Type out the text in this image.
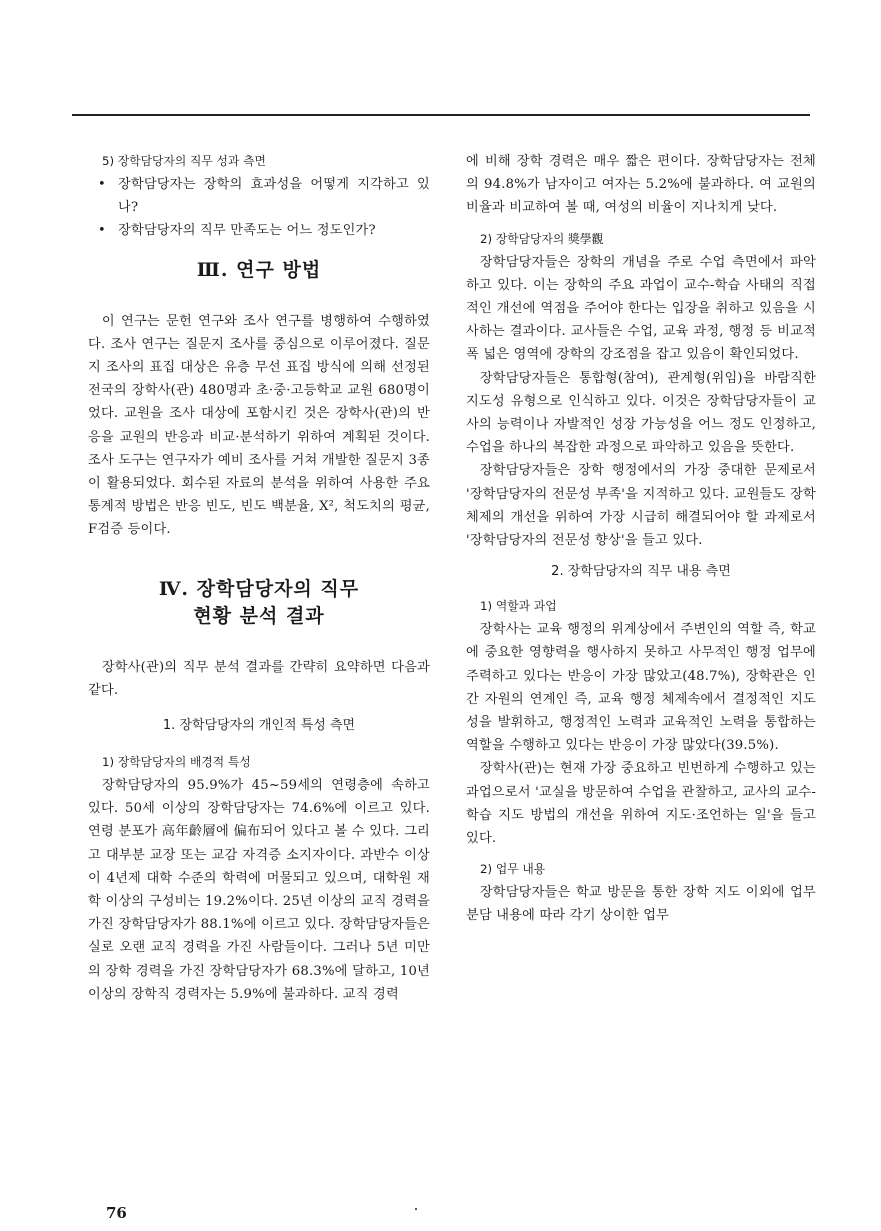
5) 장학담당자의 직무 성과 측면
• 장학담당자는 장학의 효과성을 어떻게 지각하고 있나?
• 장학담당자의 직무 만족도는 어느 정도인가?
Ⅲ. 연구 방법

이 연구는 문헌 연구와 조사 연구를 병행하여 수행하였다. 조사 연구는 질문지 조사를 중심으로 이루어졌다. 질문지 조사의 표집 대상은 유층 무선 표집 방식에 의해 선정된 전국의 장학사(관) 480명과 초·중·고등학교 교원 680명이었다. 교원을 조사 대상에 포함시킨 것은 장학사(관)의 반응을 교원의 반응과 비교·분석하기 위하여 계획된 것이다. 조사 도구는 연구자가 예비 조사를 거쳐 개발한 질문지 3종이 활용되었다. 회수된 자료의 분석을 위하여 사용한 주요 통계적 방법은 반응 빈도, 빈도 백분율, X², 척도치의 평균, F검증 등이다.

Ⅳ. 장학담당자의 직무
현황 분석 결과

장학사(관)의 직무 분석 결과를 간략히 요약하면 다음과 같다.

1. 장학담당자의 개인적 특성 측면
1) 장학담당자의 배경적 특성

장학담당자의 95.9%가 45~59세의 연령층에 속하고 있다. 50세 이상의 장학담당자는 74.6%에 이르고 있다. 연령 분포가 高年齡層에 偏布되어 있다고 볼 수 있다. 그리고 대부분 교장 또는 교감 자격증 소지자이다. 과반수 이상이 4년제 대학 수준의 학력에 머물되고 있으며, 대학원 재학 이상의 구성비는 19.2%이다. 25년 이상의 교직 경력을 가진 장학담당자가 88.1%에 이르고 있다. 장학담당자들은 실로 오랜 교직 경력을 가진 사람들이다. 그러나 5년 미만의 장학 경력을 가진 장학담당자가 68.3%에 달하고, 10년 이상의 장학직 경력자는 5.9%에 불과하다. 교직 경력

에 비해 장학 경력은 매우 짧은 편이다. 장학담당자는 전체의 94.8%가 남자이고 여자는 5.2%에 불과하다. 여 교원의 비율과 비교하여 볼 때, 여성의 비율이 지나치게 낮다.

2) 장학담당자의 獎學觀

장학담당자들은 장학의 개념을 주로 수업 측면에서 파악하고 있다. 이는 장학의 주요 과업이 교수-학습 사태의 직접적인 개선에 역점을 주어야 한다는 입장을 취하고 있음을 시사하는 결과이다. 교사들은 수업, 교육 과정, 행정 등 비교적 폭 넓은 영역에 장학의 강조점을 잡고 있음이 확인되었다.

장학담당자들은 통합형(참여), 관계형(위임)을 바람직한 지도성 유형으로 인식하고 있다. 이것은 장학담당자들이 교사의 능력이나 자발적인 성장 가능성을 어느 정도 인정하고, 수업을 하나의 복잡한 과정으로 파악하고 있음을 뜻한다.

장학담당자들은 장학 행정에서의 가장 중대한 문제로서 '장학담당자의 전문성 부족'을 지적하고 있다. 교원들도 장학 체제의 개선을 위하여 가장 시급히 해결되어야 할 과제로서 '장학담당자의 전문성 향상'을 들고 있다.

2. 장학담당자의 직무 내용 측면
1) 역할과 과업

장학사는 교육 행정의 위계상에서 주변인의 역할 즉, 학교에 중요한 영향력을 행사하지 못하고 사무적인 행정 업무에 주력하고 있다는 반응이 가장 많았고(48.7%), 장학관은 인간 자원의 연계인 즉, 교육 행정 체제속에서 결정적인 지도성을 발휘하고, 행정적인 노력과 교육적인 노력을 통합하는 역할을 수행하고 있다는 반응이 가장 많았다(39.5%).

장학사(관)는 현재 가장 중요하고 빈번하게 수행하고 있는 과업으로서 '교실을 방문하여 수업을 관찰하고, 교사의 교수-학습 지도 방법의 개선을 위하여 지도·조언하는 일'을 들고 있다.

2) 업무 내용

장학담당자들은 학교 방문을 통한 장학 지도 이외에 업무 분담 내용에 따라 각기 상이한 업무

76
